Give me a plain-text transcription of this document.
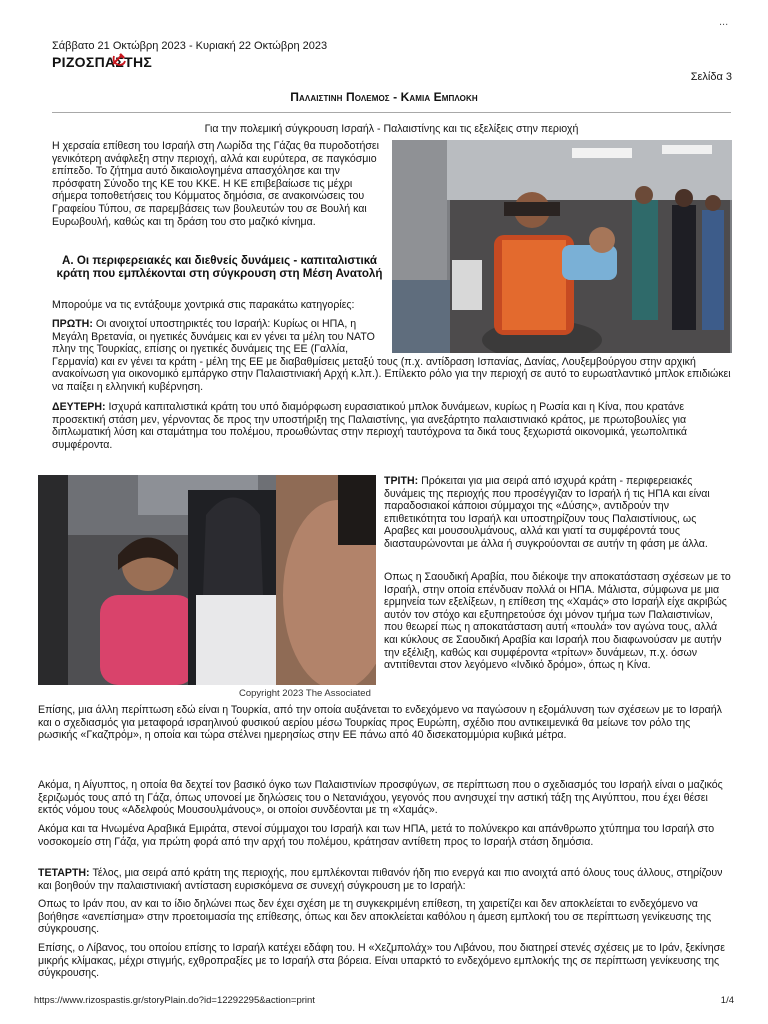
...
Σάββατο 21 Οκτώβρη 2023 - Κυριακή 22 Οκτώβρη 2023
ΡΙΖΟΣΠΑΣΤΗΣ
Σελίδα 3
Παλαιστινη Πολεμος - Καμια Εμπλοκη
Για την πολεμική σύγκρουση Ισραήλ - Παλαιστίνης και τις εξελίξεις στην περιοχή
Η χερσαία επίθεση του Ισραήλ στη Λωρίδα της Γάζας θα πυροδοτήσει γενικότερη ανάφλεξη στην περιοχή, αλλά και ευρύτερα, σε παγκόσμιο επίπεδο. Το ζήτημα αυτό δικαιολογημένα απασχόλησε και την πρόσφατη Σύνοδο της ΚΕ του ΚΚΕ. Η ΚΕ επιβεβαίωσε τις μέχρι σήμερα τοποθετήσεις του Κόμματος δημόσια, σε ανακοινώσεις του Γραφείου Τύπου, σε παρεμβάσεις των βουλευτών του σε Βουλή και Ευρωβουλή, καθώς και τη δράση του στο μαζικό κίνημα.
Α. Οι περιφερειακές και διεθνείς δυνάμεις - καπιταλιστικά κράτη που εμπλέκονται στη σύγκρουση στη Μέση Ανατολή
Μπορούμε να τις εντάξουμε χοντρικά στις παρακάτω κατηγορίες:
ΠΡΩΤΗ: Οι ανοιχτοί υποστηρικτές του Ισραήλ: Κυρίως οι ΗΠΑ, η Μεγάλη Βρετανία, οι ηγετικές δυνάμεις και εν γένει τα μέλη του ΝΑΤΟ πλην της Τουρκίας, επίσης οι ηγετικές δυνάμεις της ΕΕ (Γαλλία, Γερμανία) και εν γένει τα κράτη - μέλη της ΕΕ με διαβαθμίσεις μεταξύ τους (π.χ. αντίδραση Ισπανίας, Δανίας, Λουξεμβούργου στην αρχική ανακοίνωση για οικονομικό εμπάργκο στην Παλαιστινιακή Αρχή κ.λπ.). Επίλεκτο ρόλο για την περιοχή σε αυτό το ευρωατλαντικό μπλοκ επιδιώκει να παίξει η ελληνική κυβέρνηση.
ΔΕΥΤΕΡΗ: Ισχυρά καπιταλιστικά κράτη του υπό διαμόρφωση ευρασιατικού μπλοκ δυνάμεων, κυρίως η Ρωσία και η Κίνα, που κρατάνε προσεκτική στάση μεν, γέρνοντας δε προς την υποστήριξη της Παλαιστίνης, για ανεξάρτητο παλαιστινιακό κράτος, με πρωτοβουλίες για διπλωματική λύση και σταμάτημα του πολέμου, προωθώντας στην περιοχή ταυτόχρονα τα δικά τους ξεχωριστά οικονομικά, γεωπολιτικά συμφέροντα.
Copyright 2023 The Associated
ΤΡΙΤΗ: Πρόκειται για μια σειρά από ισχυρά κράτη - περιφερειακές δυνάμεις της περιοχής που προσέγγιζαν το Ισραήλ ή τις ΗΠΑ και είναι παραδοσιακοί κάποιοι σύμμαχοι της «Δύσης», αντιδρούν την επιθετικότητα του Ισραήλ και υποστηρίζουν τους Παλαιστίνιους, ως Αραβες και μουσουλμάνους, αλλά και γιατί τα συμφέροντά τους διασταυρώνονται με άλλα ή συγκρούονται σε αυτήν τη φάση με άλλα.
Οπως η Σαουδική Αραβία, που διέκοψε την αποκατάσταση σχέσεων με το Ισραήλ, στην οποία επένδυαν πολλά οι ΗΠΑ. Μάλιστα, σύμφωνα με μια ερμηνεία των εξελίξεων, η επίθεση της «Χαμάς» στο Ισραήλ είχε ακριβώς αυτόν τον στόχο και εξυπηρετούσε όχι μόνον τμήμα των Παλαιστινίων, που θεωρεί πως η αποκατάσταση αυτή «πουλά» τον αγώνα τους, αλλά και κύκλους σε Σαουδική Αραβία και Ισραήλ που διαφωνούσαν με αυτήν την εξέλιξη, καθώς και συμφέροντα «τρίτων» δυνάμεων, π.χ. όσων αντιτίθενται στον λεγόμενο «Ινδικό δρόμο», όπως η Κίνα.
Επίσης, μια άλλη περίπτωση εδώ είναι η Τουρκία, από την οποία αυξάνεται το ενδεχόμενο να παγώσουν η εξομάλυνση των σχέσεων με το Ισραήλ και ο σχεδιασμός για μεταφορά ισραηλινού φυσικού αερίου μέσω Τουρκίας προς Ευρώπη, σχέδιο που αντικειμενικά θα μείωνε τον ρόλο της ρωσικής «Γκαζπρόμ», η οποία και τώρα στέλνει ημερησίως στην ΕΕ πάνω από 40 δισεκατομμύρια κυβικά μέτρα.
Ακόμα, η Αίγυπτος, η οποία θα δεχτεί τον βασικό όγκο των Παλαιστινίων προσφύγων, σε περίπτωση που ο σχεδιασμός του Ισραήλ είναι ο μαζικός ξεριζωμός τους από τη Γάζα, όπως υπονοεί με δηλώσεις του ο Νετανιάχου, γεγονός που ανησυχεί την αστική τάξη της Αιγύπτου, που έχει θέσει εκτός νόμου τους «Αδελφούς Μουσουλμάνους», οι οποίοι συνδέονται με τη «Χαμάς».
Ακόμα και τα Ηνωμένα Αραβικά Εμιράτα, στενοί σύμμαχοι του Ισραήλ και των ΗΠΑ, μετά το πολύνεκρο και απάνθρωπο χτύπημα του Ισραήλ στο νοσοκομείο στη Γάζα, για πρώτη φορά από την αρχή του πολέμου, κράτησαν αντίθετη προς το Ισραήλ στάση δημόσια.
ΤΕΤΑΡΤΗ: Τέλος, μια σειρά από κράτη της περιοχής, που εμπλέκονται πιθανόν ήδη πιο ενεργά και πιο ανοιχτά από όλους τους άλλους, στηρίζουν και βοηθούν την παλαιστινιακή αντίσταση ευρισκόμενα σε συνεχή σύγκρουση με το Ισραήλ:
Οπως το Ιράν που, αν και το ίδιο δηλώνει πως δεν έχει σχέση με τη συγκεκριμένη επίθεση, τη χαιρετίζει και δεν αποκλείεται το ενδεχόμενο να βοήθησε «ανεπίσημα» στην προετοιμασία της επίθεσης, όπως και δεν αποκλείεται καθόλου η άμεση εμπλοκή του σε περίπτωση γενίκευσης της σύγκρουσης.
Επίσης, ο Λίβανος, του οποίου επίσης το Ισραήλ κατέχει εδάφη του. Η «Χεζμπολάχ» του Λιβάνου, που διατηρεί στενές σχέσεις με το Ιράν, ξεκίνησε μικρής κλίμακας, μέχρι στιγμής, εχθροπραξίες με το Ισραήλ στα βόρεια. Είναι υπαρκτό το ενδεχόμενο εμπλοκής της σε περίπτωση γενίκευσης της σύγκρουσης.
https://www.rizospastis.gr/storyPlain.do?id=12292295&action=print	1/4
